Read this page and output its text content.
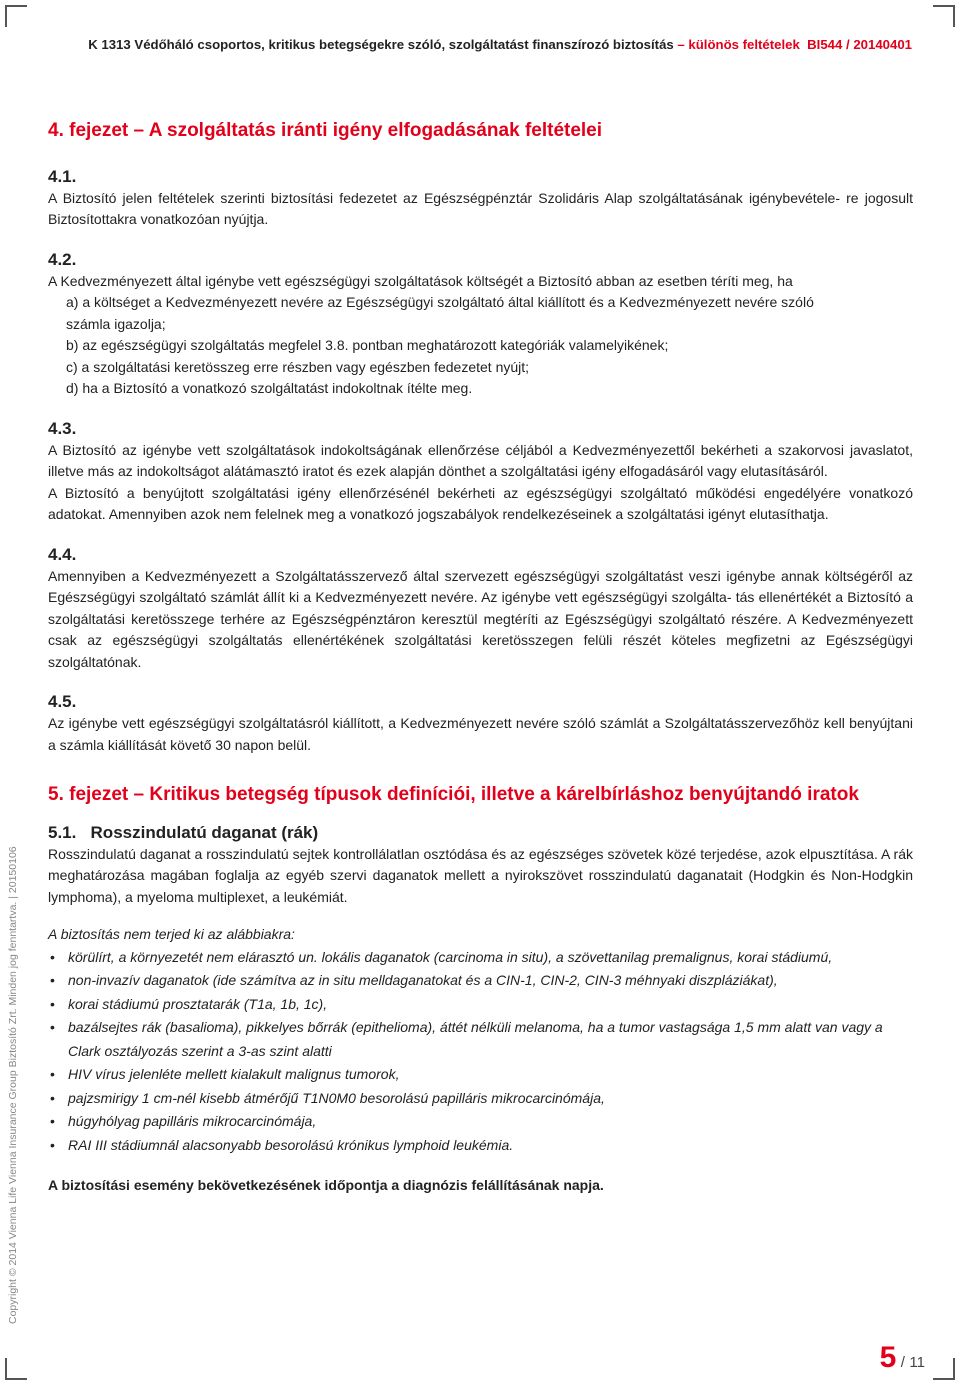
K 1313 Védőháló csoportos, kritikus betegségekre szóló, szolgáltatást finanszírozó biztosítás – különös feltételek BI544 / 20140401

4. fejezet – A szolgáltatás iránti igény elfogadásának feltételei

4.1.

A Biztosító jelen feltételek szerinti biztosítási fedezetet az Egészségpénztár Szolidáris Alap szolgáltatásának igénybevétele- re jogosult Biztosítottakra vonatkozóan nyújtja.

4.2.

A Kedvezményezett által igénybe vett egészségügyi szolgáltatások költségét a Biztosító abban az esetben téríti meg, ha

a) a költséget a Kedvezményezett nevére az Egészségügyi szolgáltató által kiállított és a Kedvezményezett nevére szóló

számla igazolja;

b) az egészségügyi szolgáltatás megfelel 3.8. pontban meghatározott kategóriák valamelyikének;

c) a szolgáltatási keretösszeg erre részben vagy egészben fedezetet nyújt;

d) ha a Biztosító a vonatkozó szolgáltatást indokoltnak ítélte meg.

4.3.

A Biztosító az igénybe vett szolgáltatások indokoltságának ellenőrzése céljából a Kedvezményezettől bekérheti a szakorvosi javaslatot, illetve más az indokoltságot alátámasztó iratot és ezek alapján dönthet a szolgáltatási igény elfogadásáról vagy elutasításáról.

A Biztosító a benyújtott szolgáltatási igény ellenőrzésénél bekérheti az egészségügyi szolgáltató működési engedélyére vonatkozó adatokat. Amennyiben azok nem felelnek meg a vonatkozó jogszabályok rendelkezéseinek a szolgáltatási igényt elutasíthatja.

4.4.

Amennyiben a Kedvezményezett a Szolgáltatásszervező által szervezett egészségügyi szolgáltatást veszi igénybe annak költségéről az Egészségügyi szolgáltató számlát állít ki a Kedvezményezett nevére. Az igénybe vett egészségügyi szolgálta- tás ellenértékét a Biztosító a szolgáltatási keretösszege terhére az Egészségpénztáron keresztül megtéríti az Egészségügyi szolgáltató részére. A Kedvezményezett csak az egészségügyi szolgáltatás ellenértékének szolgáltatási keretösszegen felüli részét köteles megfizetni az Egészségügyi szolgáltatónak.

4.5.

Az igénybe vett egészségügyi szolgáltatásról kiállított, a Kedvezményezett nevére szóló számlát a Szolgáltatásszervezőhöz kell benyújtani a számla kiállítását követő 30 napon belül.

5. fejezet – Kritikus betegség típusok definíciói, illetve a kárelbírláshoz benyújtandó iratok

5.1. Rosszindulatú daganat (rák)

Rosszindulatú daganat a rosszindulatú sejtek kontrollálatlan osztódása és az egészséges szövetek közé terjedése, azok elpusztítása. A rák meghatározása magában foglalja az egyéb szervi daganatok mellett a nyirokszövet rosszindulatú daganatait (Hodgkin és Non-Hodgkin lymphoma), a myeloma multiplexet, a leukémiát.

A biztosítás nem terjed ki az alábbiakra:

• körülírt, a környezetét nem elárasztó un. lokális daganatok (carcinoma in situ), a szövettanilag premalignus, korai stádiumú,
• non-invazív daganatok (ide számítva az in situ melldaganatokat és a CIN-1, CIN-2, CIN-3 méhnyaki diszpláziákat),
• korai stádiumú prosztatarák (T1a, 1b, 1c),
• bazálsejtes rák (basalioma), pikkelyes bőrrák (epithelioma), áttét nélküli melanoma, ha a tumor vastagsága 1,5 mm alatt van vagy a Clark osztályozás szerint a 3-as szint alatti
• HIV vírus jelenléte mellett kialakult malignus tumorok,
• pajzsmirigy 1 cm-nél kisebb átmérőjű T1N0M0 besorolású papilláris mikrocarcinómája,
• húgyhólyag papilláris mikrocarcinómája,
• RAI III stádiumnál alacsonyabb besorolású krónikus lymphoid leukémia.

A biztosítási esemény bekövetkezésének időpontja a diagnózis felállításának napja.

Copyright © 2014 Vienna Life Vienna Insurance Group Biztosító Zrt. Minden jog fenntartva. | 20150106
5 / 11
